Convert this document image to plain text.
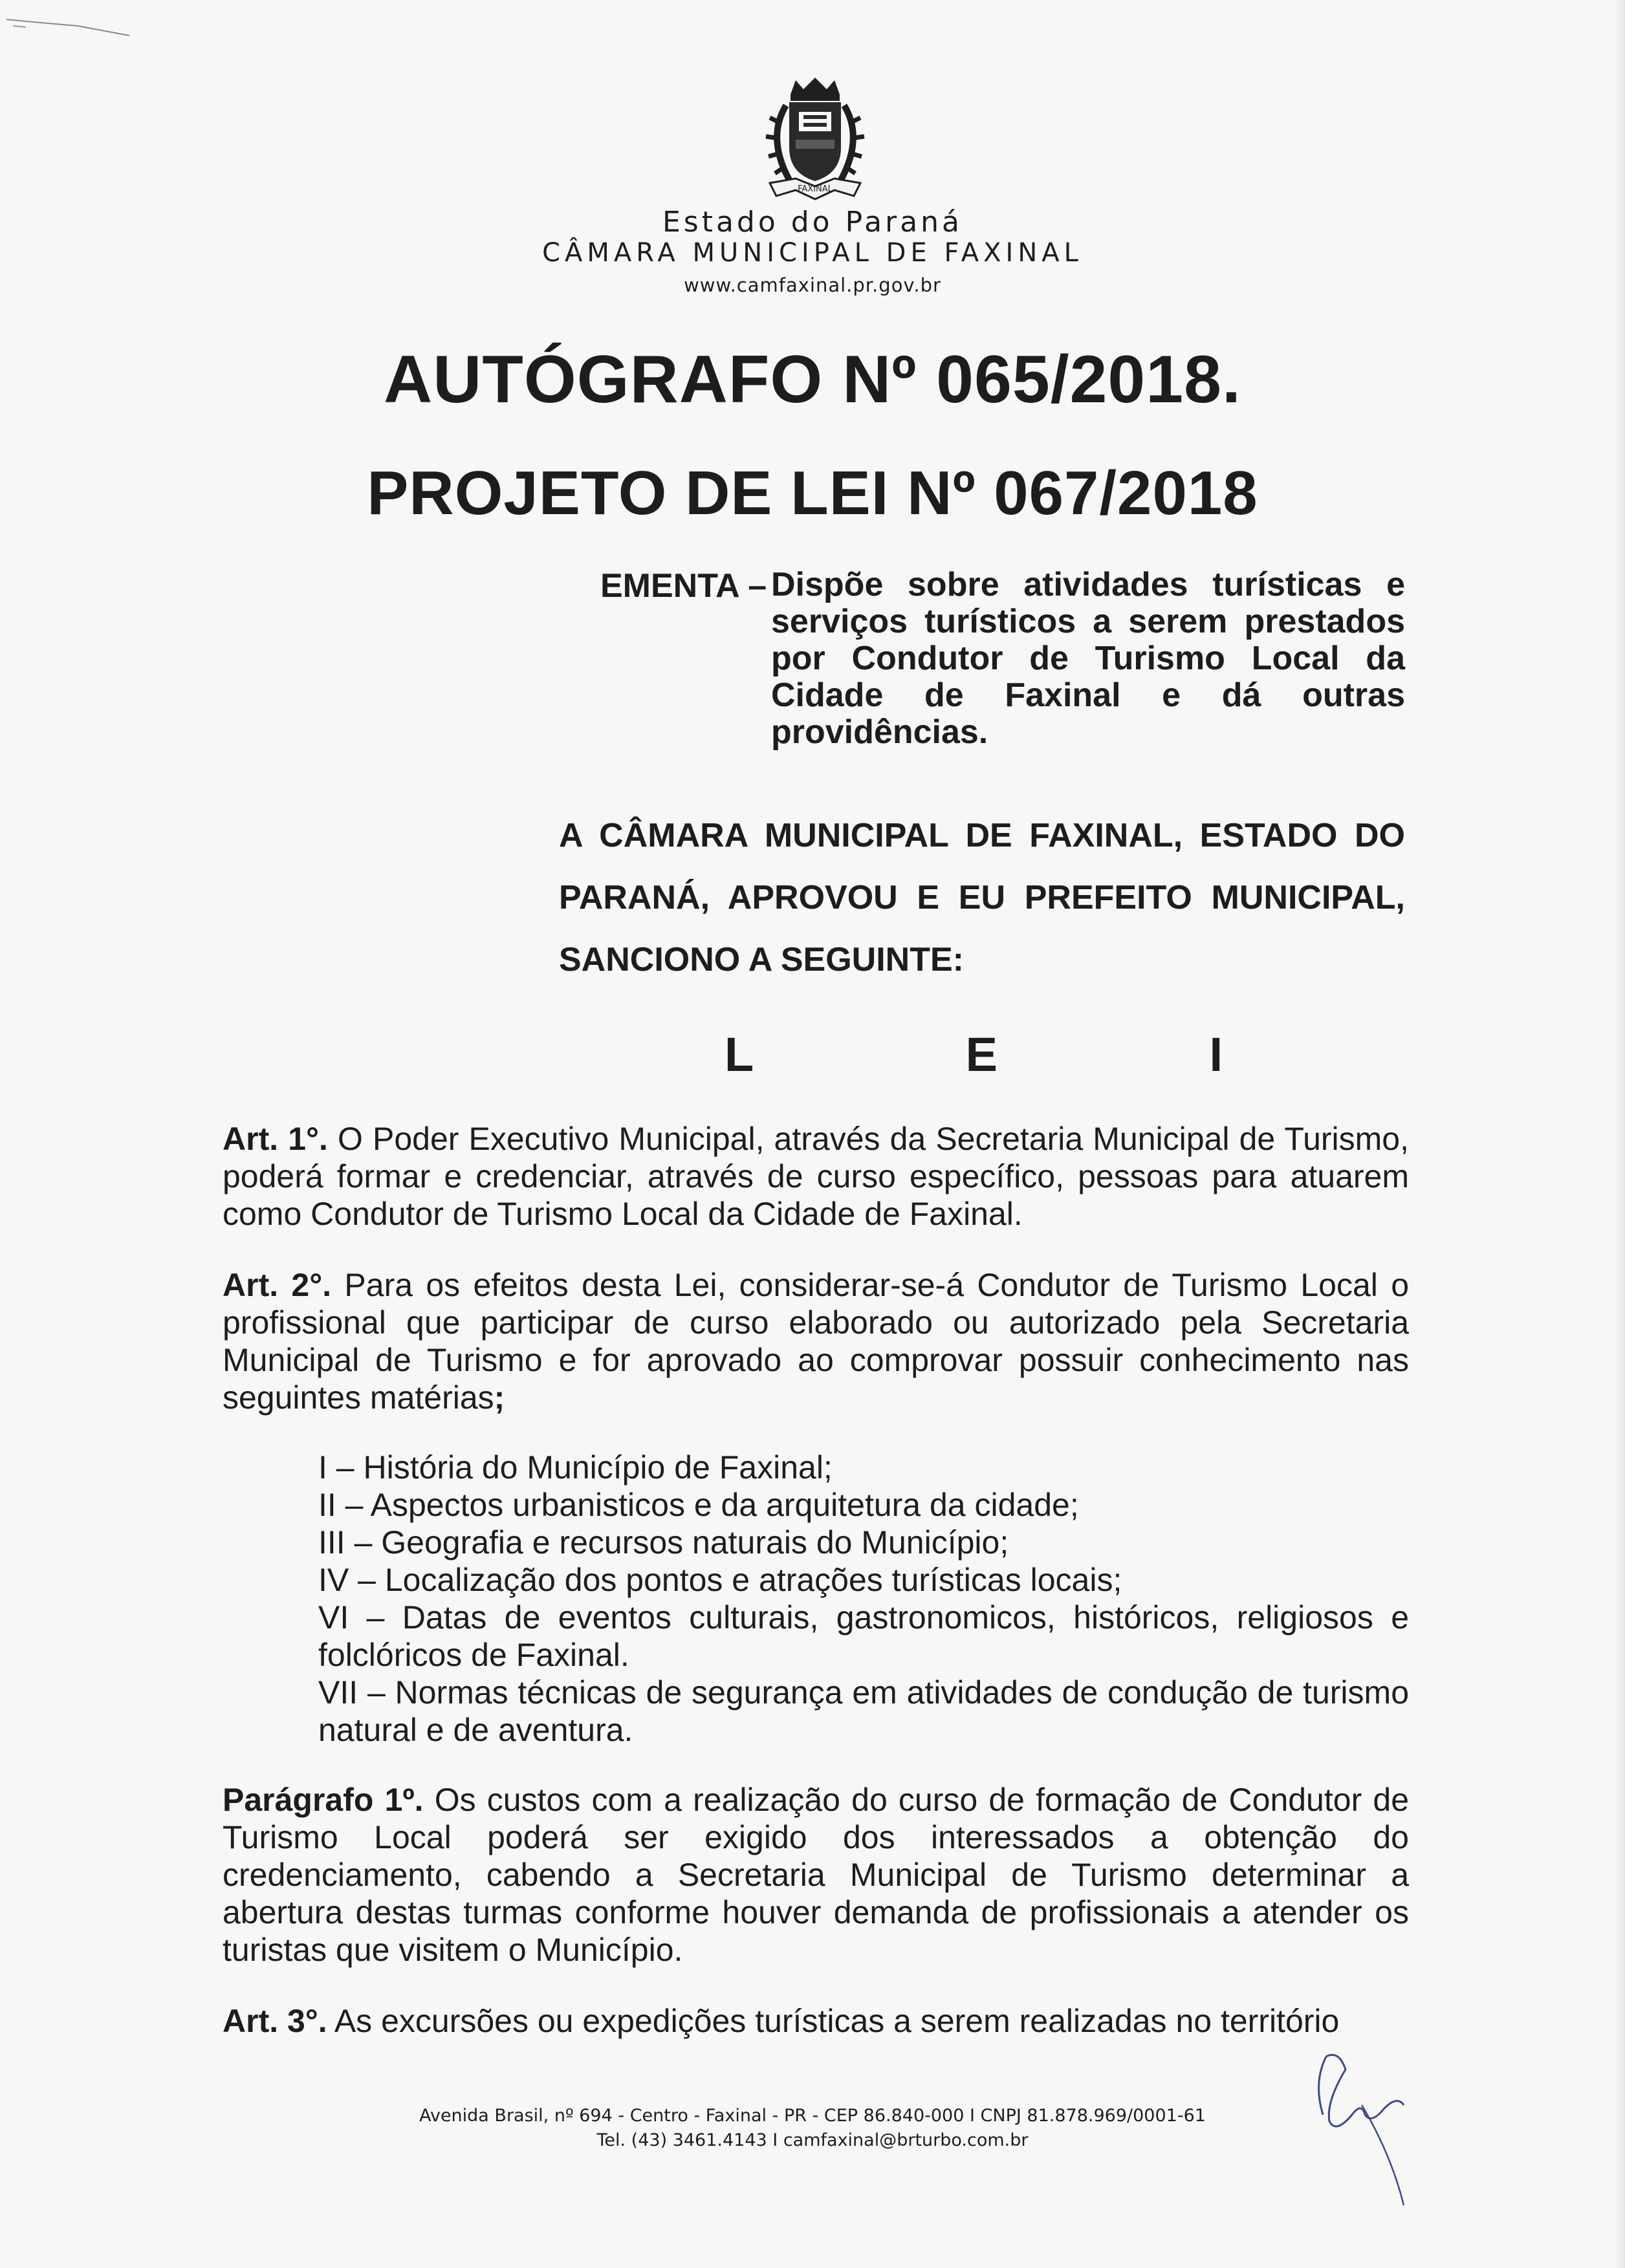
FAXINAL
Estado do Paraná
CÂMARA MUNICIPAL DE FAXINAL
www.camfaxinal.pr.gov.br
AUTÓGRAFO Nº 065/2018.
PROJETO DE LEI Nº 067/2018
EMENTA – Dispõe sobre atividades turísticas e serviços turísticos a serem prestados por Condutor de Turismo Local da Cidade de Faxinal e dá outras providências.
A CÂMARA MUNICIPAL DE FAXINAL, ESTADO DO PARANÁ, APROVOU E EU PREFEITO MUNICIPAL, SANCIONO A SEGUINTE:
L	E	I

Art. 1°. O Poder Executivo Municipal, através da Secretaria Municipal de Turismo, poderá formar e credenciar, através de curso específico, pessoas para atuarem como Condutor de Turismo Local da Cidade de Faxinal.

Art. 2°. Para os efeitos desta Lei, considerar-se-á Condutor de Turismo Local o profissional que participar de curso elaborado ou autorizado pela Secretaria Municipal de Turismo e for aprovado ao comprovar possuir conhecimento nas seguintes matérias;

I – História do Município de Faxinal;
II – Aspectos urbanisticos e da arquitetura da cidade;
III – Geografia e recursos naturais do Município;
IV – Localização dos pontos e atrações turísticas locais;
VI – Datas de eventos culturais, gastronomicos, históricos, religiosos e folclóricos de Faxinal.
VII – Normas técnicas de segurança em atividades de condução de turismo natural e de aventura.

Parágrafo 1º. Os custos com a realização do curso de formação de Condutor de Turismo Local poderá ser exigido dos interessados a obtenção do credenciamento, cabendo a Secretaria Municipal de Turismo determinar a abertura destas turmas conforme houver demanda de profissionais a atender os turistas que visitem o Município.

Art. 3°. As excursões ou expedições turísticas a serem realizadas no território

Avenida Brasil, nº 694 - Centro - Faxinal - PR - CEP 86.840-000 I CNPJ 81.878.969/0001-61
Tel. (43) 3461.4143 I camfaxinal@brturbo.com.br
